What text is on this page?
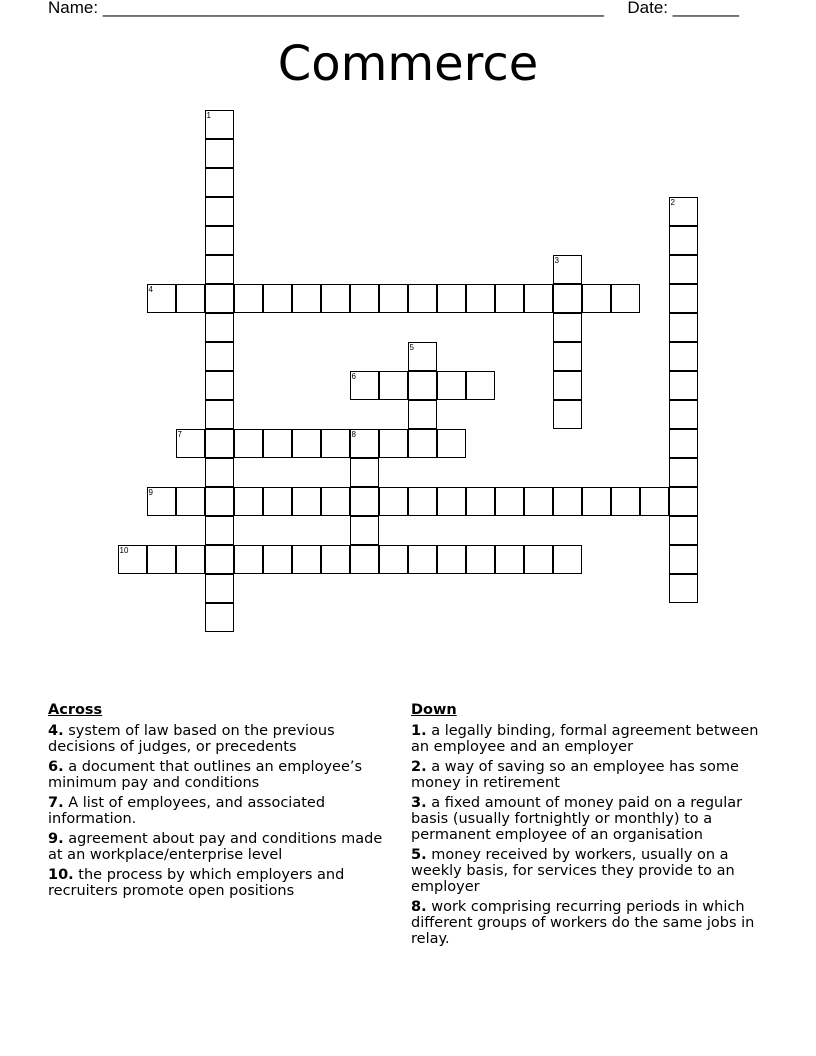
Name: _____________________________________________________ Date: _______
Commerce
1
2
3
4
5
6
7	8
9
10
Across
4. system of law based on the previous decisions of judges, or precedents
6. a document that outlines an employee’s minimum pay and conditions
7. A list of employees, and associated information.
9. agreement about pay and conditions made at an workplace/enterprise level
10. the process by which employers and recruiters promote open positions
Down
1. a legally binding, formal agreement between an employee and an employer
2. a way of saving so an employee has some money in retirement
3. a fixed amount of money paid on a regular basis (usually fortnightly or monthly) to a permanent employee of an organisation
5. money received by workers, usually on a weekly basis, for services they provide to an employer
8. work comprising recurring periods in which different groups of workers do the same jobs in relay.
